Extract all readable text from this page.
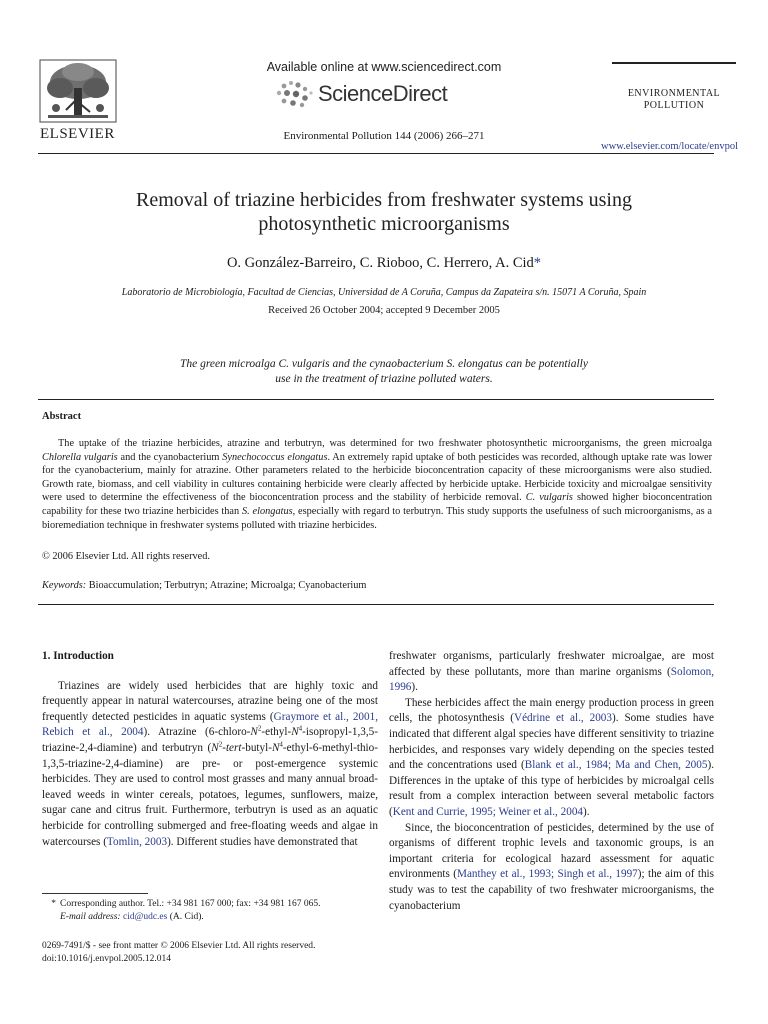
ELSEVIER
Available online at www.sciencedirect.com
ScienceDirect
Environmental Pollution 144 (2006) 266–271
ENVIRONMENTAL
POLLUTION
www.elsevier.com/locate/envpol
Removal of triazine herbicides from freshwater systems using
photosynthetic microorganisms
O. González-Barreiro, C. Rioboo, C. Herrero, A. Cid*
Laboratorio de Microbiología, Facultad de Ciencias, Universidad de A Coruña, Campus da Zapateira s/n. 15071 A Coruña, Spain
Received 26 October 2004; accepted 9 December 2005
The green microalga C. vulgaris and the cynaobacterium S. elongatus can be potentially
use in the treatment of triazine polluted waters.
Abstract

The uptake of the triazine herbicides, atrazine and terbutryn, was determined for two freshwater photosynthetic microorganisms, the green microalga Chlorella vulgaris and the cyanobacterium Synechococcus elongatus. An extremely rapid uptake of both pesticides was recorded, although uptake rate was lower for the cyanobacterium, mainly for atrazine. Other parameters related to the herbicide bioconcentration capacity of these microorganisms were also studied. Growth rate, biomass, and cell viability in cultures containing herbicide were clearly affected by herbicide uptake. Herbicide toxicity and microalgae sensitivity were used to determine the effectiveness of the bioconcentration process and the stability of herbicide removal. C. vulgaris showed higher bioconcentration capability for these two triazine herbicides than S. elongatus, especially with regard to terbutryn. This study supports the usefulness of such microorganisms, as a bioremediation technique in freshwater systems polluted with triazine herbicides.

© 2006 Elsevier Ltd. All rights reserved.
Keywords: Bioaccumulation; Terbutryn; Atrazine; Microalga; Cyanobacterium
1. Introduction

Triazines are widely used herbicides that are highly toxic and frequently appear in natural watercourses, atrazine being one of the most frequently detected pesticides in aquatic systems (Graymore et al., 2001, Rebich et al., 2004). Atrazine $(6-chloro-N^2-ethyl-N^4-isopropyl-1,3,5-triazine-2,4-diamine)$ and terbutryn $(N^2-tert-butyl-N^4-ethyl-6-methyl-thio-1,3,5-triazine-2,4-diamine)$ are pre- or post-emergence systemic herbicides. They are used to control most grasses and many annual broad-leaved weeds in winter cereals, potatoes, legumes, sunflowers, maize, sugar cane and citrus fruit. Furthermore, terbutryn is used as an aquatic herbicide for controlling submerged and free-floating weeds and algae in watercourses (Tomlin, 2003). Different studies have demonstrated that

freshwater organisms, particularly freshwater microalgae, are most affected by these pollutants, more than marine organisms (Solomon, 1996).

These herbicides affect the main energy production process in green cells, the photosynthesis (Védrine et al., 2003). Some studies have indicated that different algal species have different sensitivity to triazine herbicides, and responses vary widely depending on the species tested and the concentrations used (Blank et al., 1984; Ma and Chen, 2005). Differences in the uptake of this type of herbicides by microalgal cells result from a complex interaction between several metabolic factors (Kent and Currie, 1995; Weiner et al., 2004).

Since, the bioconcentration of pesticides, determined by the use of organisms of different trophic levels and taxonomic groups, is an important criteria for ecological hazard assessment for aquatic environments (Manthey et al., 1993; Singh et al., 1997); the aim of this study was to test the capability of two freshwater microorganisms, the cyanobacterium

* Corresponding author. Tel.: +34 981 167 000; fax: +34 981 167 065.
E-mail address: cid@udc.es (A. Cid).
0269-7491/$ - see front matter © 2006 Elsevier Ltd. All rights reserved.
doi:10.1016/j.envpol.2005.12.014
